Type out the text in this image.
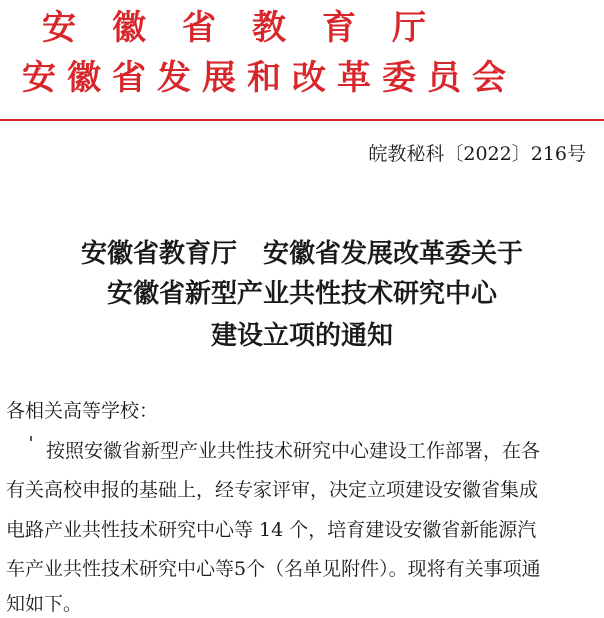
安徽省教育厅
安徽省发展和改革委员会
皖教秘科〔2022〕216号
安徽省教育厅　安徽省发展改革委关于
安徽省新型产业共性技术研究中心
建设立项的通知
各相关高等学校：
按照安徽省新型产业共性技术研究中心建设工作部署，在各
有关高校申报的基础上，经专家评审，决定立项建设安徽省集成
电路产业共性技术研究中心等 14 个，培育建设安徽省新能源汽
车产业共性技术研究中心等5个（名单见附件）。现将有关事项通
知如下。
